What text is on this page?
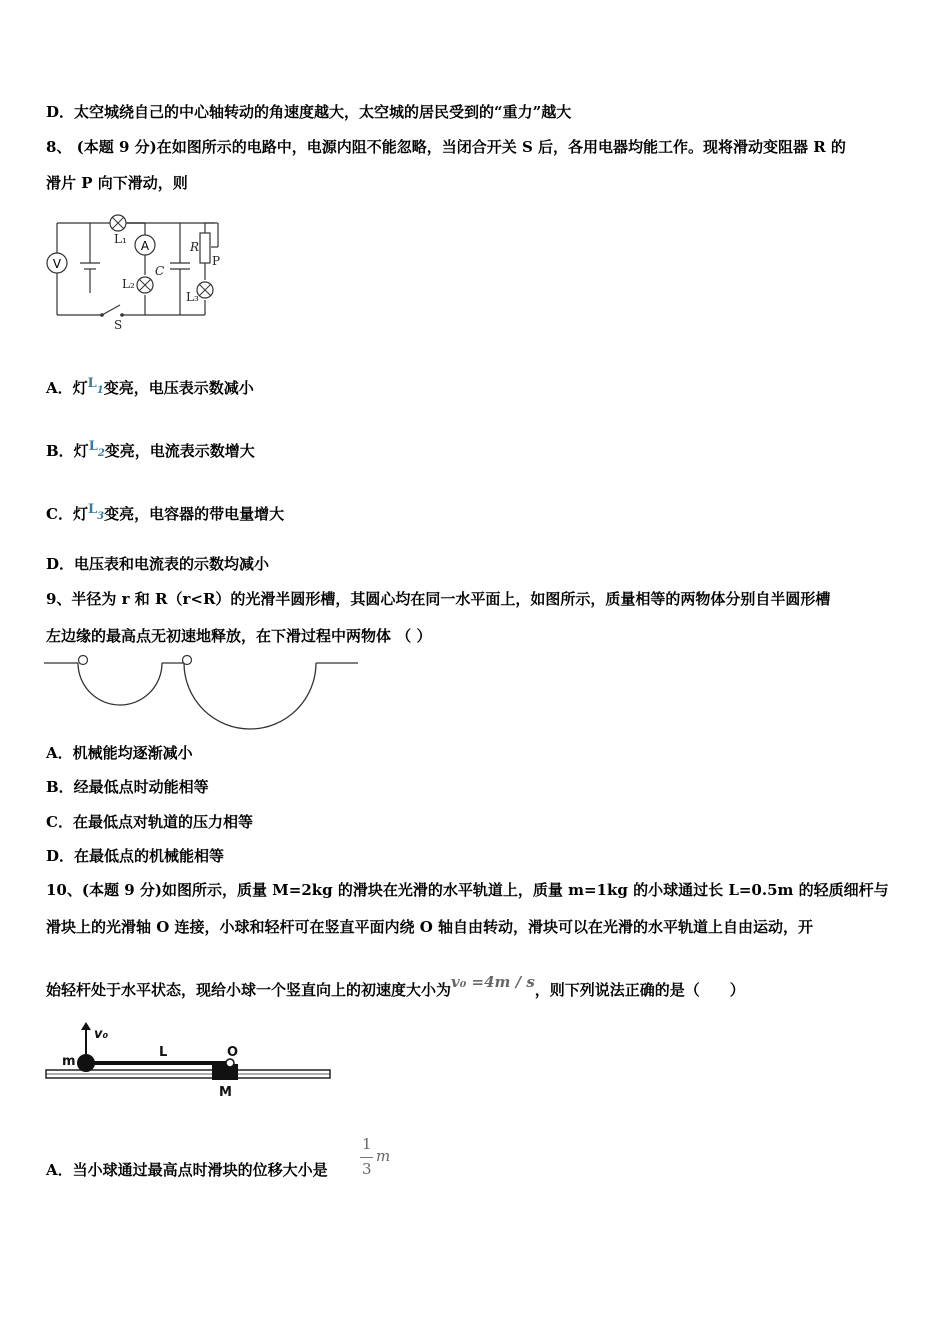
D．太空城绕自己的中心轴转动的角速度越大，太空城的居民受到的“重力”越大
8、 (本题 9 分)在如图所示的电路中，电源内阻不能忽略，当闭合开关 S 后，各用电器均能工作。现将滑动变阻器 R 的
滑片 P 向下滑动，则
V
A
L₁
L₂
C
R
P
L₃
S
A．灯L1变亮，电压表示数减小
B．灯L2变亮，电流表示数增大
C．灯L3变亮，电容器的带电量增大
D．电压表和电流表的示数均减小
9、半径为 r 和 R（r<R）的光滑半圆形槽，其圆心均在同一水平面上，如图所示，质量相等的两物体分别自半圆形槽
左边缘的最高点无初速地释放，在下滑过程中两物体 （ ）
A．机械能均逐渐减小
B．经最低点时动能相等
C．在最低点对轨道的压力相等
D．在最低点的机械能相等
10、(本题 9 分)如图所示，质量 M=2kg 的滑块在光滑的水平轨道上，质量 m=1kg 的小球通过长 L=0.5m 的轻质细杆与
滑块上的光滑轴 O 连接，小球和轻杆可在竖直平面内绕 O 轴自由转动，滑块可以在光滑的水平轨道上自由运动，开
始轻杆处于水平状态，现给小球一个竖直向上的初速度大小为v₀ =4m / s，则下列说法正确的是（　　）
v₀
m
L	O
M
A．当小球通过最高点时滑块的位移大小是
1
3
m
